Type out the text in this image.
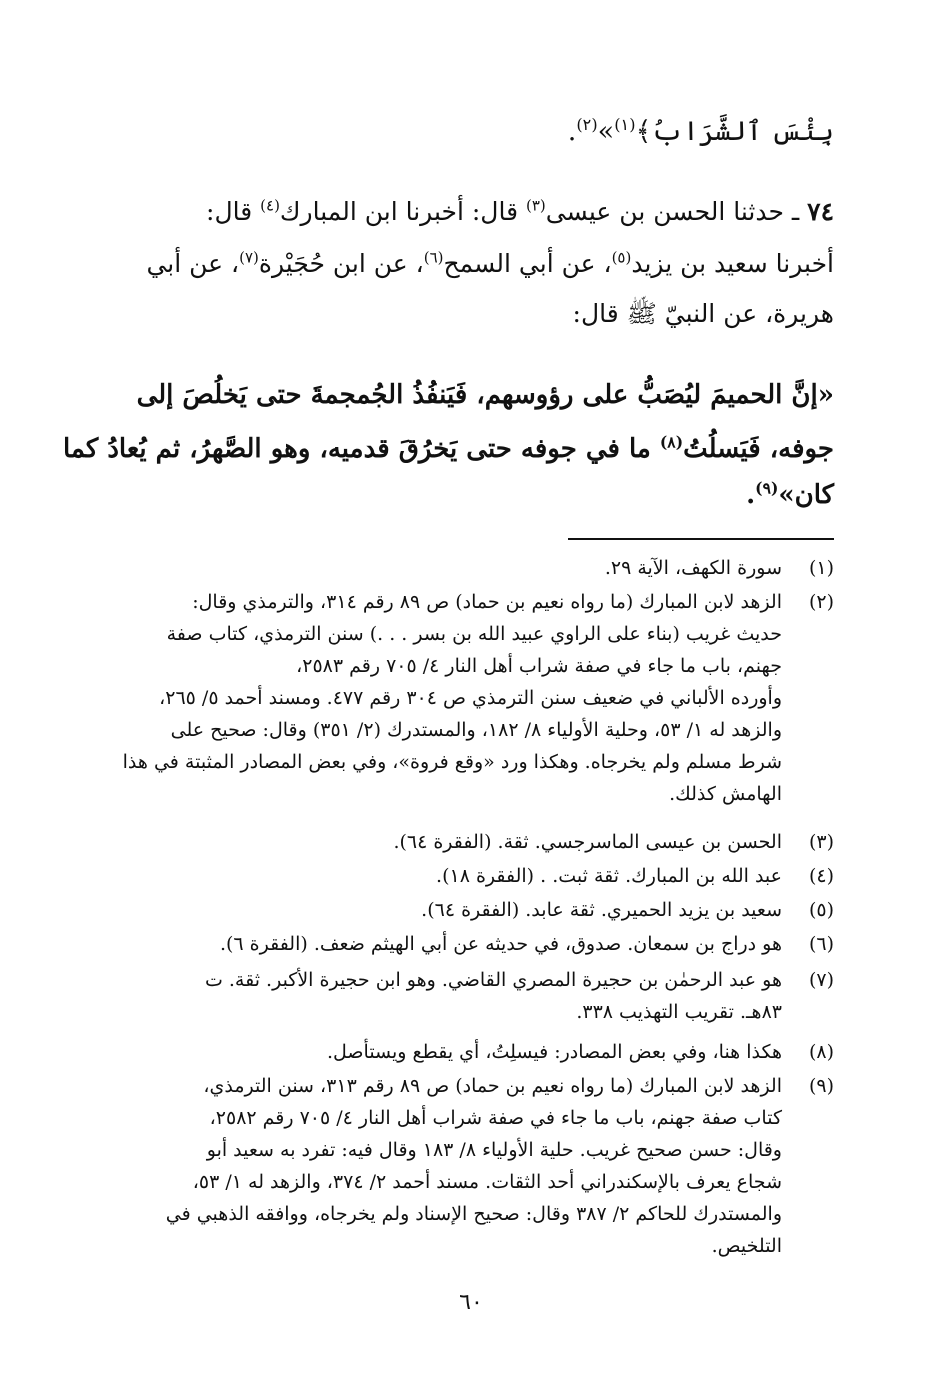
بِئْسَ ٱلشَّرَابُ﴾$^{(١)}$»$^{(٢)}$.
٧٤ ـ حدثنا الحسن بن عيسى$^{(٣)}$ قال: أخبرنا ابن المبارك$^{(٤)}$ قال:
أخبرنا سعيد بن يزيد$^{(٥)}$، عن أبي السمح$^{(٦)}$، عن ابن حُجَيْرة$^{(٧)}$، عن أبي
هريرة، عن النبيّ ﷺ قال:
«إنَّ الحميمَ ليُصَبُّ على رؤوسهم، فَيَنفُذُ الجُمجمةَ حتى يَخلُصَ إلى
جوفه، فَيَسلُتُ$^{(٨)}$ ما في جوفه حتى يَخرُقَ قدميه، وهو الصَّهرُ، ثم يُعادُ كما
كان»$^{(٩)}$.
(١)
سورة الكهف، الآية ٢٩.
(٢)
الزهد لابن المبارك (ما رواه نعيم بن حماد) ص ٨٩ رقم ٣١٤، والترمذي وقال:
حديث غريب (بناء على الراوي عبيد الله بن بسر . . .) سنن الترمذي، كتاب صفة
جهنم، باب ما جاء في صفة شراب أهل النار ٤/ ٧٠٥ رقم ٢٥٨٣،
وأورده الألباني في ضعيف سنن الترمذي ص ٣٠٤ رقم ٤٧٧. ومسند أحمد ٥/ ٢٦٥،
والزهد له ١/ ٥٣، وحلية الأولياء ٨/ ١٨٢، والمستدرك (٢/ ٣٥١) وقال: صحيح على
شرط مسلم ولم يخرجاه. وهكذا ورد «وقع فروة»، وفي بعض المصادر المثبتة في هذا
الهامش كذلك.
(٣)
الحسن بن عيسى الماسرجسي. ثقة. (الفقرة ٦٤).
(٤)
عبد الله بن المبارك. ثقة ثبت. . (الفقرة ١٨).
(٥)
سعيد بن يزيد الحميري. ثقة عابد. (الفقرة ٦٤).
(٦)
هو دراج بن سمعان. صدوق، في حديثه عن أبي الهيثم ضعف. (الفقرة ٦).
(٧)
هو عبد الرحمٰن بن حجيرة المصري القاضي. وهو ابن حجيرة الأكبر. ثقة. ت
٨٣هـ. تقريب التهذيب ٣٣٨.
(٨)
هكذا هنا، وفي بعض المصادر: فيسلِتُ، أي يقطع ويستأصل.
(٩)
الزهد لابن المبارك (ما رواه نعيم بن حماد) ص ٨٩ رقم ٣١٣، سنن الترمذي،
كتاب صفة جهنم، باب ما جاء في صفة شراب أهل النار ٤/ ٧٠٥ رقم ٢٥٨٢،
وقال: حسن صحيح غريب. حلية الأولياء ٨/ ١٨٣ وقال فيه: تفرد به سعيد أبو
شجاع يعرف بالإسكندراني أحد الثقات. مسند أحمد ٢/ ٣٧٤، والزهد له ١/ ٥٣،
والمستدرك للحاكم ٢/ ٣٨٧ وقال: صحيح الإسناد ولم يخرجاه، ووافقه الذهبي في
التلخيص.
٦٠
